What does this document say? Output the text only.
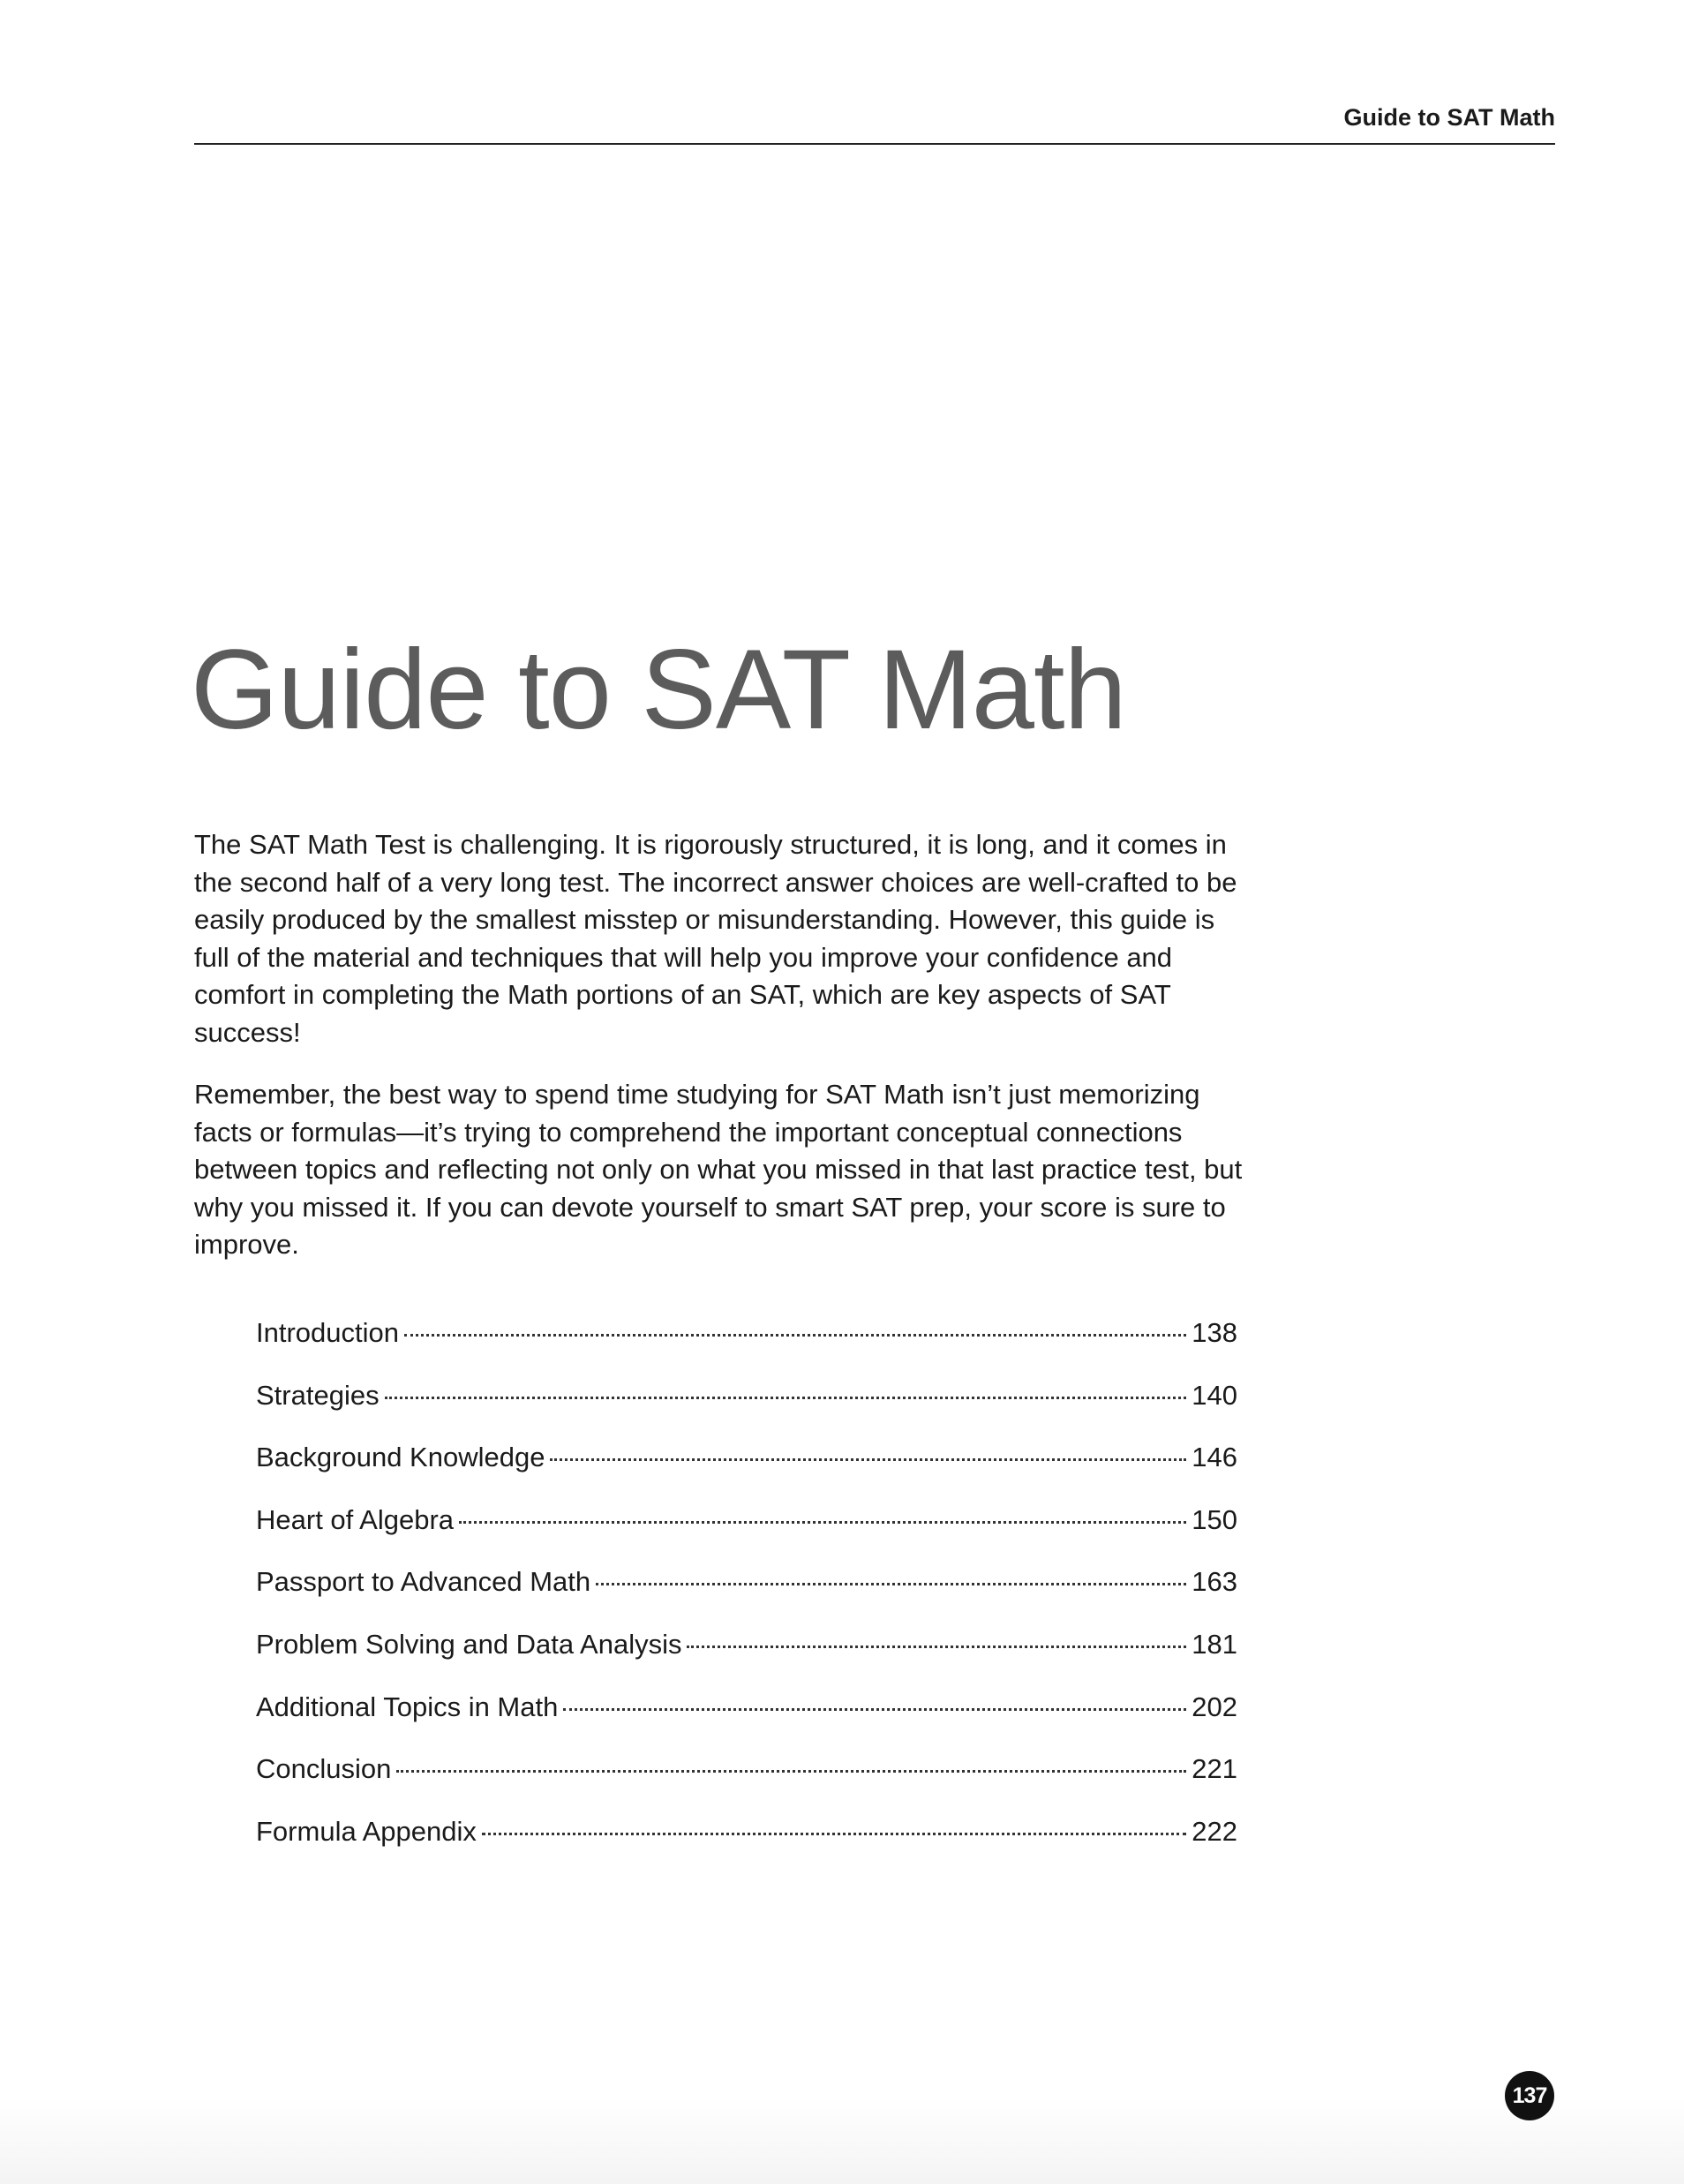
Guide to SAT Math
Guide to SAT Math

The SAT Math Test is challenging. It is rigorously structured, it is long, and it comes in the second half of a very long test. The incorrect answer choices are well-crafted to be easily produced by the smallest misstep or misunderstanding. However, this guide is full of the material and techniques that will help you improve your confidence and comfort in completing the Math portions of an SAT, which are key aspects of SAT success!

Remember, the best way to spend time studying for SAT Math isn’t just memorizing facts or formulas—it’s trying to comprehend the important conceptual connections between topics and reflecting not only on what you missed in that last practice test, but why you missed it. If you can devote yourself to smart SAT prep, your score is sure to improve.

Introduction	138
Strategies	140
Background Knowledge	146
Heart of Algebra	150
Passport to Advanced Math	163
Problem Solving and Data Analysis	181
Additional Topics in Math	202
Conclusion	221
Formula Appendix	222
137
